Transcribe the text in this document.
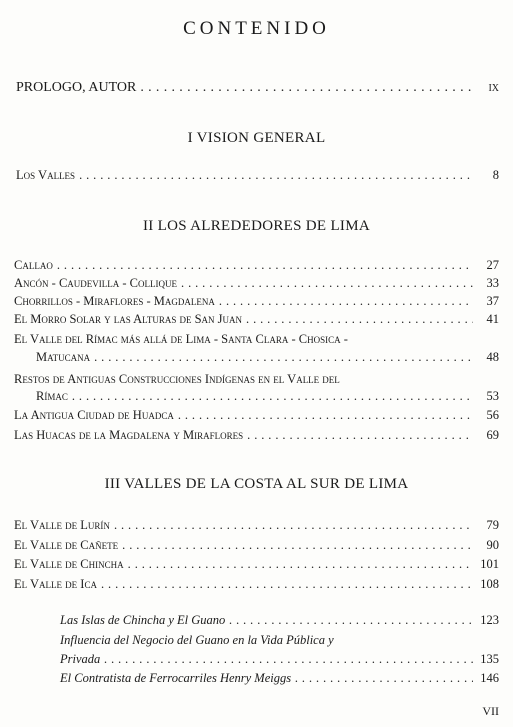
CONTENIDO
PROLOGO, AUTOR . . .	ix
I VISION GENERAL
Los Valles . . .	8
II LOS ALREDEDORES DE LIMA
Callao . . .	27
Ancón - Caudevilla - Collique . . .	33
Chorrillos - Miraflores - Magdalena . . .	37
El Morro Solar y las Alturas de San Juan . . .	41
El Valle del Rímac más allá de Lima - Santa Clara - Chosica -
Matucana . . .	48
Restos de Antiguas Construcciones Indígenas en el Valle del
Rímac . . .	53
La Antigua Ciudad de Huadca . . .	56
Las Huacas de la Magdalena y Miraflores . . .	69
III VALLES DE LA COSTA AL SUR DE LIMA
El Valle de Lurín . . .	79
El Valle de Cañete . . .	90
El Valle de Chincha . . .	101
El Valle de Ica . . .	108
Las Islas de Chincha y El Guano . . .	123
Influencia del Negocio del Guano en la Vida Pública y
Privada . . .	135
El Contratista de Ferrocarriles Henry Meiggs . . .	146
VII
